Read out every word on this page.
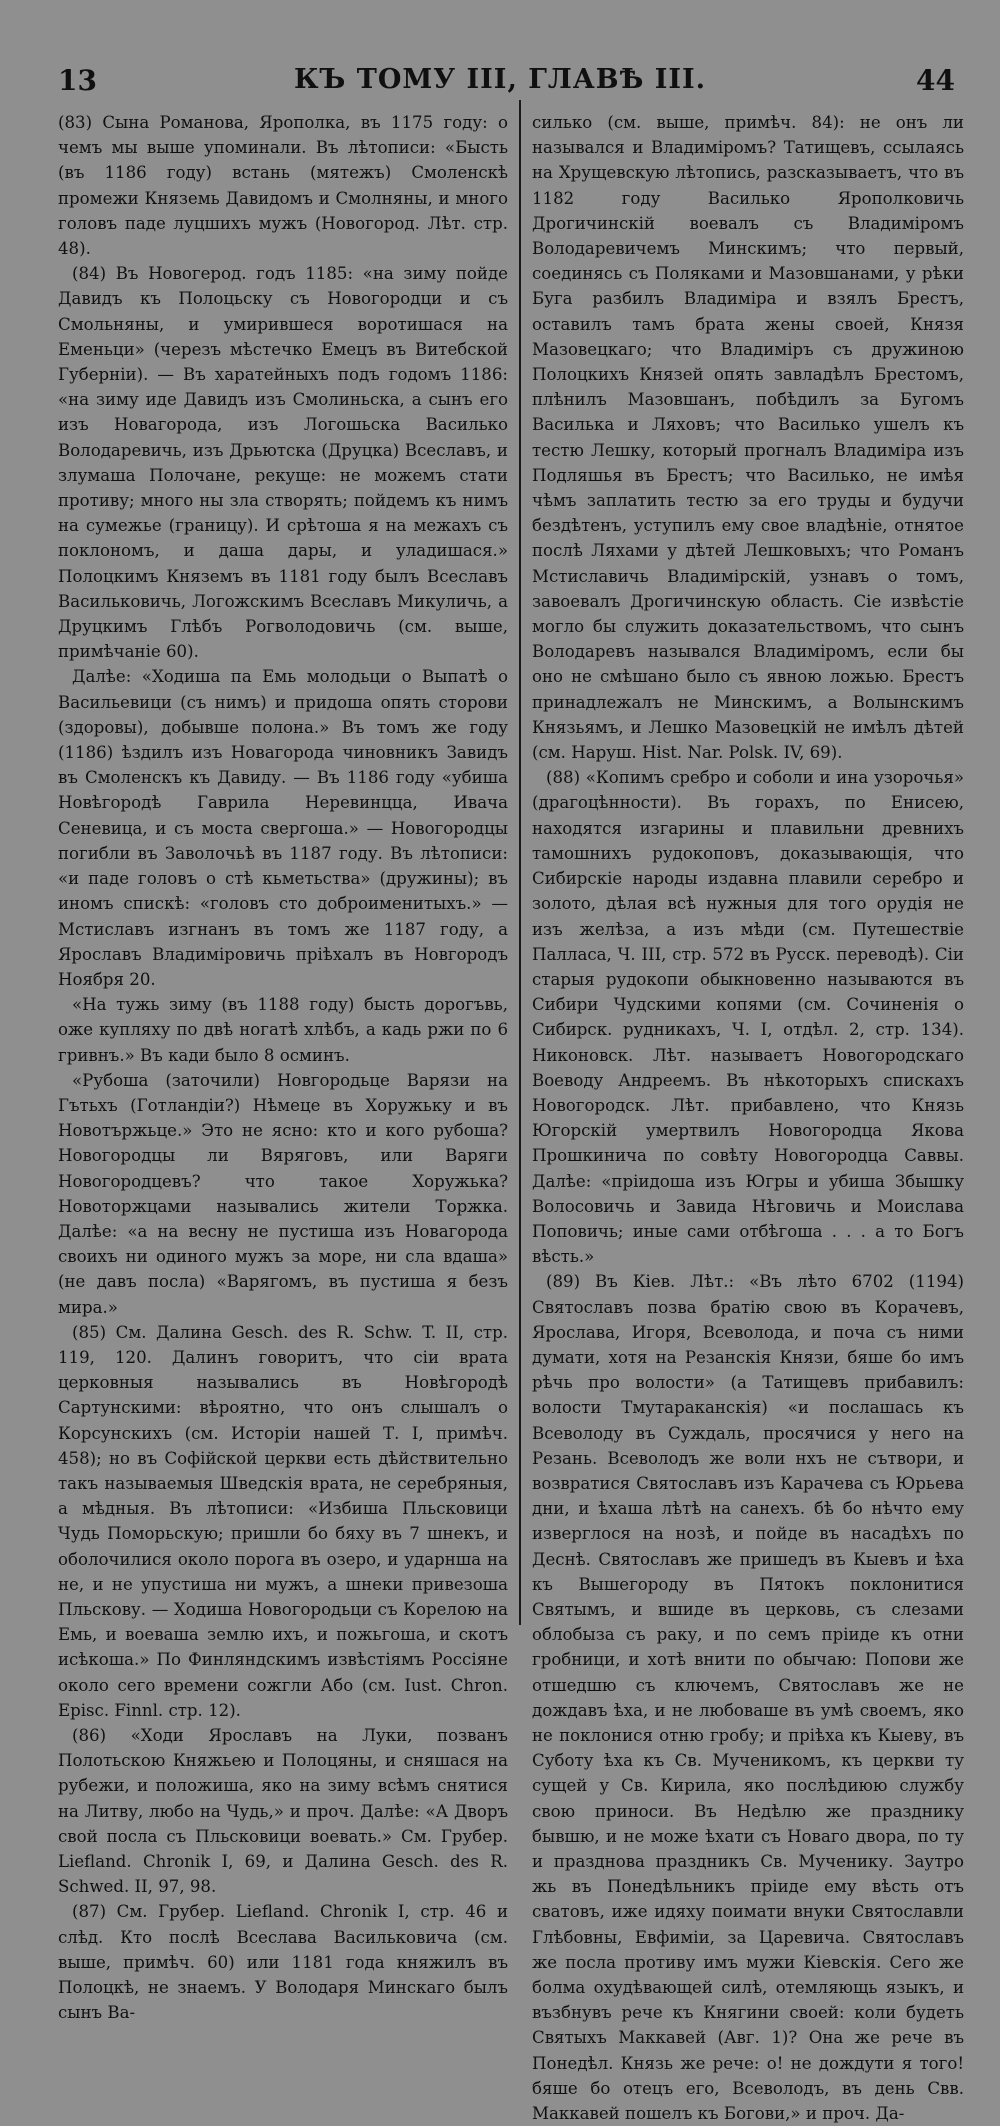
13	КЪ ТОМУ III, ГЛАВѢ III.	44

(83) Сына Романова, Ярополка, въ 1175 году: о чемъ мы выше упоминали. Въ лѣтописи: «Бысть (въ 1186 году) встань (мятежъ) Смоленскѣ промежи Княземь Давидомъ и Смолняны, и много головъ паде луцшихъ мужъ (Новогород. Лѣт. стр. 48).

(84) Въ Новогерод. годъ 1185: «на зиму пойде Давидъ къ Полоцьску съ Новогородци и съ Смольняны, и умирившеся воротишася на Еменьци» (черезъ мѣстечко Емецъ въ Витебской Губерніи). — Въ харатейныхъ подъ годомъ 1186: «на зиму иде Давидъ изъ Смолиньска, а сынъ его изъ Новагорода, изъ Логошьска Василько Володаревичь, изъ Дрьютска (Друцка) Всеславъ, и злумаша Полочане, рекуще: не можемъ стати противу; много ны зла створять; пойдемъ къ нимъ на сумежье (границу). И срѣтоша я на межахъ съ поклономъ, и даша дары, и уладишася.» Полоцкимъ Княземъ въ 1181 году былъ Всеславъ Васильковичь, Логожскимъ Всеславъ Микуличь, а Друцкимъ Глѣбъ Рогволодовичь (см. выше, примѣчаніе 60).

Далѣе: «Ходиша па Емь молодьци о Выпатѣ о Васильевици (съ нимъ) и придоша опять сторови (здоровы), добывше полона.» Въ томъ же году (1186) ѣздилъ изъ Новагорода чиновникъ Завидъ въ Смоленскъ къ Давиду. — Въ 1186 году «убиша Новѣгородѣ Гаврила Неревинцца, Ивача Сеневица, и съ моста свергоша.» — Новогородцы погибли въ Заволочьѣ въ 1187 году. Въ лѣтописи: «и паде головъ о стѣ кьметьства» (дружины); въ иномъ спискѣ: «головъ сто доброименитыхъ.» — Мстиславъ изгнанъ въ томъ же 1187 году, а Ярославъ Владиміровичь пріѣхалъ въ Новгородъ Ноября 20.

«На тужь зиму (въ 1188 году) бысть дорогъвь, оже купляху по двѣ ногатѣ хлѣбъ, а кадь ржи по 6 гривнъ.» Въ кади было 8 осминъ.

«Рубоша (заточили) Новгородьце Варязи на Гътьхъ (Готландіи?) Нѣмеце въ Хоружьку и въ Новотържьце.» Это не ясно: кто и кого рубоша? Новогородцы ли Вяряговъ, или Варяги Новогородцевъ? что такое Хоружька? Новоторжцами назывались жители Торжка. Далѣе: «а на весну не пустиша изъ Новагорода своихъ ни одиного мужъ за море, ни сла вдаша» (не давъ посла) «Варягомъ, въ пустиша я безъ мира.»

(85) См. Далина Gesch. des R. Schw. T. II, стр. 119, 120. Далинъ говоритъ, что сіи врата церковныя назывались въ Новѣгородѣ Сартунскими: вѣроятно, что онъ слышалъ о Корсунскихъ (см. Исторіи нашей Т. I, примѣч. 458); но въ Софійской церкви есть дѣйствительно такъ называемыя Шведскія врата, не серебряныя, а мѣдныя. Въ лѣтописи: «Избиша Пльсковици Чудь Поморьскую; пришли бо бяху въ 7 шнекъ, и оболочилися около порога въ озеро, и ударнша на не, и не упустиша ни мужъ, а шнеки привезоша Пльскову. — Ходиша Новогородьци съ Корелою на Емь, и воеваша землю ихъ, и пожьгоша, и скотъ исѣкоша.» По Финляндскимъ извѣстіямъ Россіяне около сего времени сожгли Або (см. Iust. Chron. Episc. Finnl. стр. 12).

(86) «Ходи Ярославъ на Луки, позванъ Полотьскою Княжьею и Полоцяны, и сняшася на рубежи, и положиша, яко на зиму всѣмъ снятися на Литву, любо на Чудь,» и проч. Далѣе: «А Дворъ свой посла съ Пльсковици воевать.» См. Грубер. Liefland. Chronik I, 69, и Далина Gesch. des R. Schwed. II, 97, 98.

(87) См. Грубер. Liefland. Chronik I, стр. 46 и слѣд. Кто послѣ Всеслава Васильковича (см. выше, примѣч. 60) или 1181 года княжилъ въ Полоцкѣ, не знаемъ. У Володаря Минскаго былъ сынъ Ва-

силько (см. выше, примѣч. 84): не онъ ли назывался и Владиміромъ? Татищевъ, ссылаясь на Хрущевскую лѣтопись, разсказываетъ, что въ 1182 году Василько Ярополковичь Дрогичинскій воевалъ съ Владиміромъ Володаревичемъ Минскимъ; что первый, соединясь съ Поляками и Мазовшанами, у рѣки Буга разбилъ Владиміра и взялъ Брестъ, оставилъ тамъ брата жены своей, Князя Мазовецкаго; что Владиміръ съ дружиною Полоцкихъ Князей опять завладѣлъ Брестомъ, плѣнилъ Мазовшанъ, побѣдилъ за Бугомъ Василька и Ляховъ; что Василько ушелъ къ тестю Лешку, который прогналъ Владиміра изъ Подляшья въ Брестъ; что Василько, не имѣя чѣмъ заплатить тестю за его труды и будучи бездѣтенъ, уступилъ ему свое владѣніе, отнятое послѣ Ляхами у дѣтей Лешковыхъ; что Романъ Мстиславичь Владимірскій, узнавъ о томъ, завоевалъ Дрогичинскую область. Сіе извѣстіе могло бы служить доказательствомъ, что сынъ Володаревъ назывался Владиміромъ, если бы оно не смѣшано было съ явною ложью. Брестъ принадлежалъ не Минскимъ, а Волынскимъ Князьямъ, и Лешко Мазовецкій не имѣлъ дѣтей (см. Наруш. Hist. Nar. Polsk. IV, 69).

(88) «Копимъ сребро и соболи и ина узорочья» (драгоцѣнности). Въ горахъ, по Енисею, находятся изгарины и плавильни древнихъ тамошнихъ рудокоповъ, доказывающія, что Сибирскіе народы издавна плавили серебро и золото, дѣлая всѣ нужныя для того орудія не изъ желѣза, а изъ мѣди (см. Путешествіе Палласа, Ч. III, стр. 572 въ Русск. переводѣ). Сіи старыя рудокопи обыкновенно называются въ Сибири Чудскими копями (см. Сочиненія о Сибирск. рудникахъ, Ч. I, отдѣл. 2, стр. 134). Никоновск. Лѣт. называетъ Новогородскаго Воеводу Андреемъ. Въ нѣкоторыхъ спискахъ Новогородск. Лѣт. прибавлено, что Князь Югорскій умертвилъ Новогородца Якова Прошкинича по совѣту Новогородца Саввы. Далѣе: «пріидоша изъ Югры и убиша Збышку Волосовичь и Завида Нѣговичь и Моислава Поповичь; иные сами отбѣгоша . . . а то Богъ вѣсть.»

(89) Въ Кіев. Лѣт.: «Въ лѣто 6702 (1194) Святославъ позва братію свою въ Корачевъ, Ярослава, Игоря, Всеволода, и поча съ ними думати, хотя на Резанскія Князи, бяше бо имъ рѣчь про волости» (а Татищевъ прибавилъ: волости Тмутараканскія) «и послашась къ Всеволоду въ Суждаль, просячися у него на Резань. Всеволодъ же воли нхъ не сътвори, и возвратися Святославъ изъ Карачева съ Юрьева дни, и ѣхаша лѣтѣ на санехъ. бѣ бо нѣчто ему изверглося на нозѣ, и пойде въ насадѣхъ по Деснѣ. Святославъ же пришедъ въ Кыевъ и ѣха къ Вышегороду въ Пятокъ поклонитися Святымъ, и вшиде въ церковь, съ слезами облобыза съ раку, и по семъ пріиде къ отни гробници, и хотѣ внити по обычаю: Попови же отшедшю съ ключемъ, Святославъ же не дождавъ ѣха, и не любоваше въ умѣ своемъ, яко не поклонися отню гробу; и пріѣха къ Кыеву, въ Суботу ѣха къ Св. Мученикомъ, къ церкви ту сущей у Св. Кирила, яко послѣдиюю службу свою приноси. Въ Недѣлю же празднику бывшю, и не може ѣхати съ Новаго двора, по ту и празднова праздникъ Св. Мученику. Заутро жь въ Понедѣльникъ пріиде ему вѣсть отъ сватовъ, иже идяху поимати внуки Святославли Глѣбовны, Евфиміи, за Царевича. Святославъ же посла противу имъ мужи Кіевскія. Сего же болма охудѣвающей силѣ, отемляющь языкъ, и възбнувъ рече къ Княгини своей: коли будеть Святыхъ Маккавей (Авг. 1)? Она же рече въ Понедѣл. Князь же рече: о! не дождути я того! бяше бо отецъ его, Всеволодъ, въ день Свв. Маккавей пошелъ къ Богови,» и проч. Да-
